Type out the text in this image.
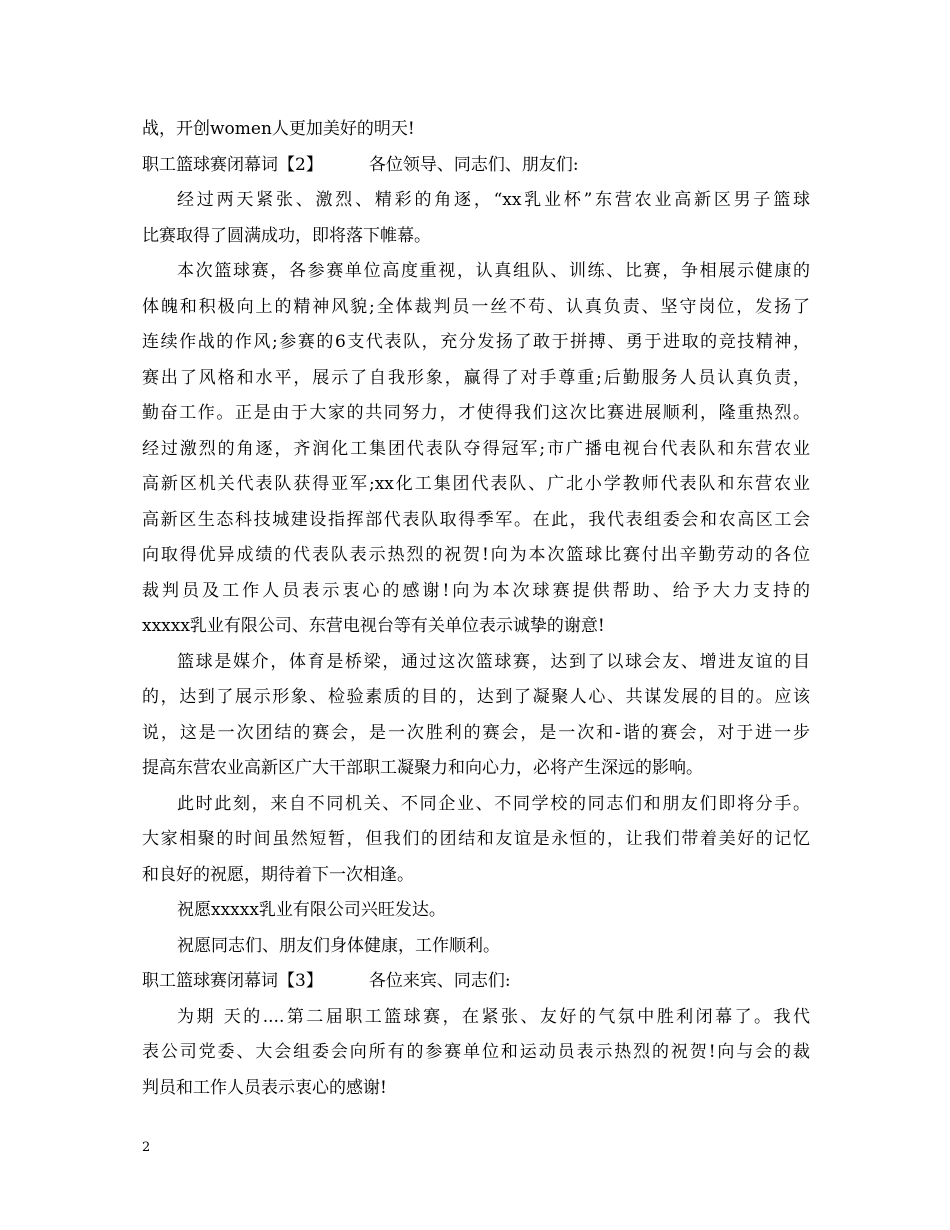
战，开创women人更加美好的明天!
职工篮球赛闭幕词【2】	各位领导、同志们、朋友们:
经过两天紧张、激烈、精彩的角逐，“xx乳业杯”东营农业高新区男子篮球
比赛取得了圆满成功，即将落下帷幕。
本次篮球赛，各参赛单位高度重视，认真组队、训练、比赛，争相展示健康的
体魄和积极向上的精神风貌;全体裁判员一丝不苟、认真负责、坚守岗位，发扬了
连续作战的作风;参赛的6支代表队，充分发扬了敢于拼搏、勇于进取的竞技精神，
赛出了风格和水平，展示了自我形象，赢得了对手尊重;后勤服务人员认真负责，
勤奋工作。正是由于大家的共同努力，才使得我们这次比赛进展顺利，隆重热烈。
经过激烈的角逐，齐润化工集团代表队夺得冠军;市广播电视台代表队和东营农业
高新区机关代表队获得亚军;xx化工集团代表队、广北小学教师代表队和东营农业
高新区生态科技城建设指挥部代表队取得季军。在此，我代表组委会和农高区工会
向取得优异成绩的代表队表示热烈的祝贺!向为本次篮球比赛付出辛勤劳动的各位
裁判员及工作人员表示衷心的感谢!向为本次球赛提供帮助、给予大力支持的
xxxxx乳业有限公司、东营电视台等有关单位表示诚挚的谢意!
篮球是媒介，体育是桥梁，通过这次篮球赛，达到了以球会友、增进友谊的目
的，达到了展示形象、检验素质的目的，达到了凝聚人心、共谋发展的目的。应该
说，这是一次团结的赛会，是一次胜利的赛会，是一次和-谐的赛会，对于进一步
提高东营农业高新区广大干部职工凝聚力和向心力，必将产生深远的影响。
此时此刻，来自不同机关、不同企业、不同学校的同志们和朋友们即将分手。
大家相聚的时间虽然短暂，但我们的团结和友谊是永恒的，让我们带着美好的记忆
和良好的祝愿，期待着下一次相逢。
祝愿xxxxx乳业有限公司兴旺发达。
祝愿同志们、朋友们身体健康，工作顺利。
职工篮球赛闭幕词【3】	各位来宾、同志们:
为期 天的....第二届职工篮球赛，在紧张、友好的气氛中胜利闭幕了。我代
表公司党委、大会组委会向所有的参赛单位和运动员表示热烈的祝贺!向与会的裁
判员和工作人员表示衷心的感谢!
2
